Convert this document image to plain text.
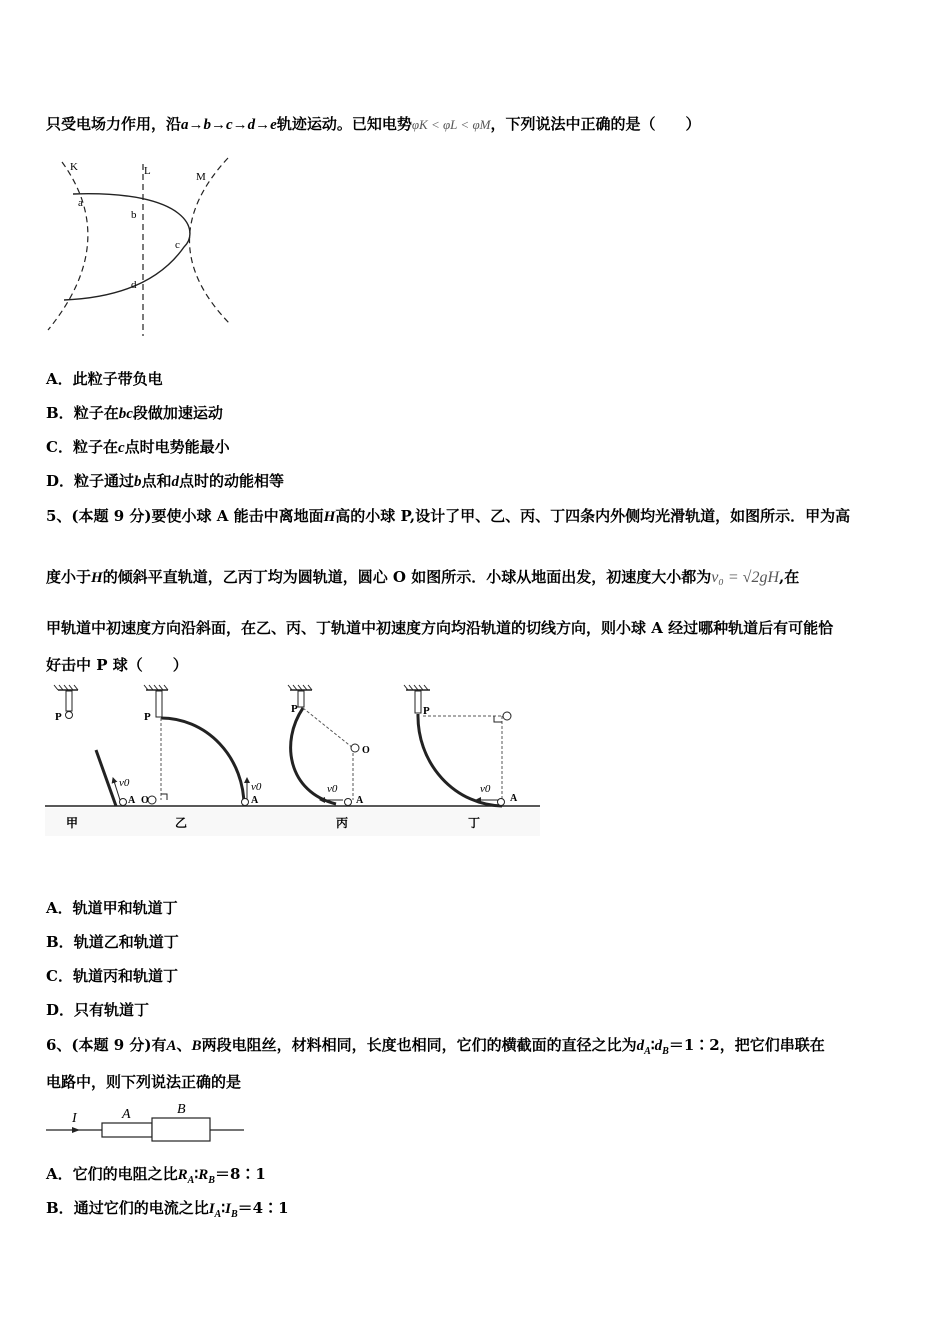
只受电场力作用，沿a→b→c→d→e轨迹运动。已知电势φK < φL < φM，下列说法中正确的是（　　）
K	L	M
a
b
c
d
A．此粒子带负电
B．粒子在bc段做加速运动
C．粒子在c点时电势能最小
D．粒子通过b点和d点时的动能相等
5、(本题 9 分)要使小球 A 能击中离地面H高的小球 P,设计了甲、乙、丙、丁四条内外侧均光滑轨道，如图所示．甲为高
度小于H的倾斜平直轨道，乙丙丁均为圆轨道，圆心 O 如图所示．小球从地面出发，初速度大小都为v₀ = √2gH,在
甲轨道中初速度方向沿斜面，在乙、丙、丁轨道中初速度方向均沿轨道的切线方向，则小球 A 经过哪种轨道后有可能恰
好击中 P 球（　　）
P
v0
A
甲
P
O
v0
A
乙
P
O
v0
A
丙
P
v0
A
丁
A．轨道甲和轨道丁
B．轨道乙和轨道丁
C．轨道丙和轨道丁
D．只有轨道丁
6、(本题 9 分)有A、B两段电阻丝，材料相同，长度也相同，它们的横截面的直径之比为$d_A∶d_B=1∶2$，把它们串联在
电路中，则下列说法正确的是
I	A	B
A．它们的电阻之比$R_A∶R_B=8∶1$
B．通过它们的电流之比$I_A∶I_B=4∶1$
